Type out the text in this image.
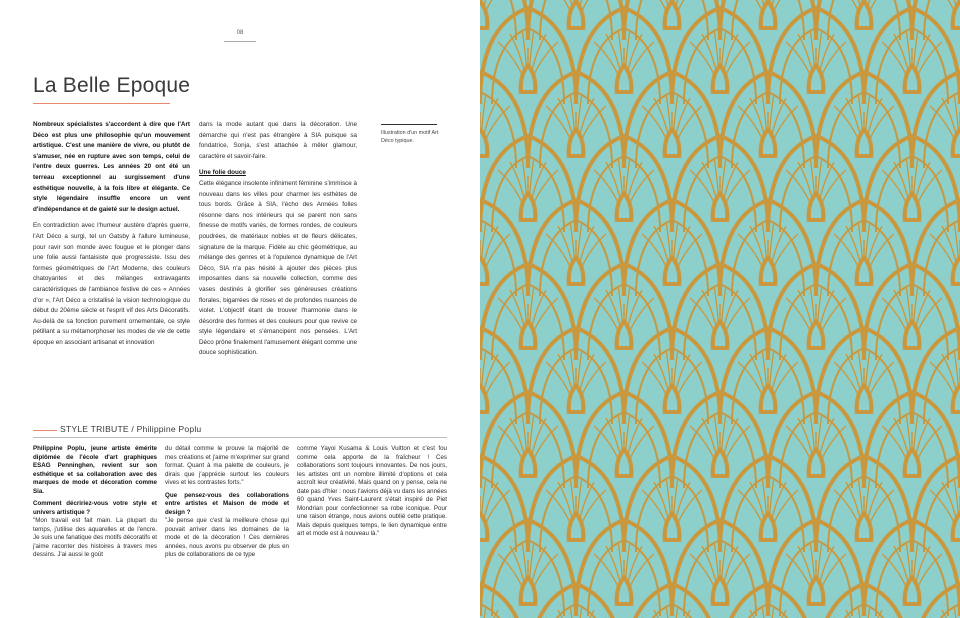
08
La Belle Epoque

Nombreux spécialistes s'accordent à dire que l'Art Déco est plus une philosophie qu'un mouvement artistique. C'est une manière de vivre, ou plutôt de s'amuser, née en rupture avec son temps, celui de l'entre deux guerres. Les années 20 ont été un terreau exceptionnel au surgissement d'une esthétique nouvelle, à la fois libre et élégante. Ce style légendaire insuffle encore un vent d'indépendance et de gaieté sur le design actuel.

En contradiction avec l'humeur austère d'après guerre, l'Art Déco a surgi, tel un Gatsby à l'allure lumineuse, pour ravir son monde avec fougue et le plonger dans une folie aussi fantaisiste que progressiste. Issu des formes géométriques de l'Art Moderne, des couleurs chatoyantes et des mélanges extravagants caractéristiques de l'ambiance festive de ces « Années d'or », l'Art Déco a cristallisé la vision technologique du début du 20ème siècle et l'esprit vif des Arts Décoratifs. Au-delà de sa fonction purement ornementale, ce style pétillant a su métamorphoser les modes de vie de cette époque en associant artisanat et innovation

dans la mode autant que dans la décoration. Une démarche qui n'est pas étrangère à SIA puisque sa fondatrice, Sonja, s'est attachée à mêler glamour, caractère et savoir-faire.

Une folie douce

Cette élégance insolente infiniment féminine s'immisce à nouveau dans les villes pour charmer les esthètes de tous bords. Grâce à SIA, l'écho des Années folles résonne dans nos intérieurs qui se parent non sans finesse de motifs variés, de formes rondes, de couleurs poudrées, de matériaux nobles et de fleurs délicates, signature de la marque. Fidèle au chic géométrique, au mélange des genres et à l'opulence dynamique de l'Art Déco, SIA n'a pas hésité à ajouter des pièces plus imposantes dans sa nouvelle collection, comme des vases destinés à glorifier ses généreuses créations florales, bigarrées de roses et de profondes nuances de violet. L'objectif étant de trouver l'harmonie dans le désordre des formes et des couleurs pour que revive ce style légendaire et s'émancipent nos pensées. L'Art Déco prône finalement l'amusement élégant comme une douce sophistication.

Illustration d'un motif Art Déco typique.

STYLE TRIBUTE / Philippine Poplu

Philippine Poplu, jeune artiste émérite diplômée de l'école d'art graphiques ESAG Penninghen, revient sur son esthétique et sa collaboration avec des marques de mode et décoration comme Sia.

Comment décririez-vous votre style et univers artistique ?

"Mon travail est fait main. La plupart du temps, j'utilise des aquarelles et de l'encre. Je suis une fanatique des motifs décoratifs et j'aime raconter des histoires à travers mes dessins. J'ai aussi le goût

du détail comme le prouve la majorité de mes créations et j'aime m'exprimer sur grand format. Quant à ma palette de couleurs, je dirais que j'apprécie surtout les couleurs vives et les contrastes forts."

Que pensez-vous des collaborations entre artistes et Maison de mode et design ?

"Je pense que c'est la meilleure chose qui pouvait arriver dans les domaines de la mode et de la décoration ! Ces dernières années, nous avons pu observer de plus en plus de collaborations de ce type

comme Yayoi Kusama & Louis Vuitton et c'est fou comme cela apporte de la fraîcheur ! Ces collaborations sont toujours innovantes. De nos jours, les artistes ont un nombre illimité d'options et cela accroît leur créativité. Mais quand on y pense, cela ne date pas d'hier : nous l'avions déjà vu dans les années 60 quand Yves Saint-Laurent s'était inspiré de Piet Mondrian pour confectionner sa robe iconique. Pour une raison étrange, nous avions oublié cette pratique. Mais depuis quelques temps, le lien dynamique entre art et mode est à nouveau là."
